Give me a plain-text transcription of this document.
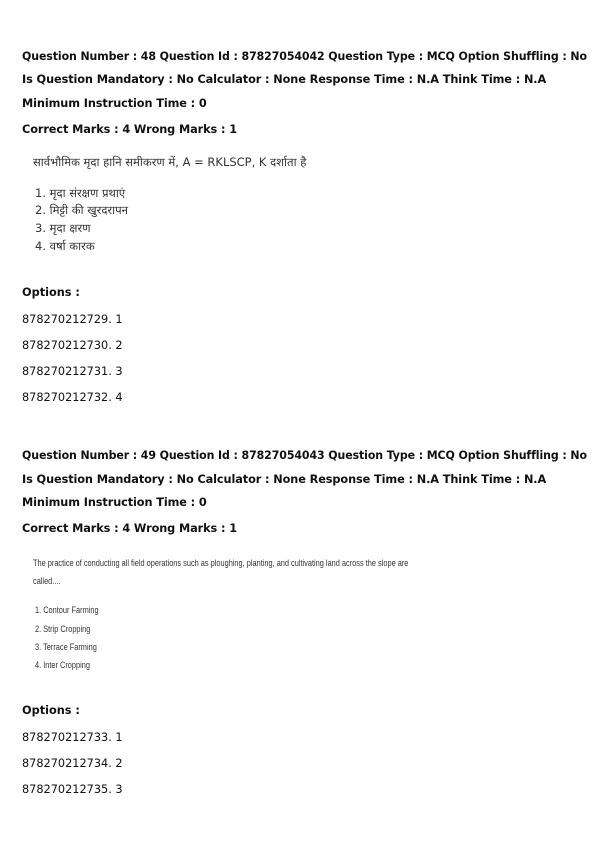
Question Number : 48 Question Id : 87827054042 Question Type : MCQ Option Shuffling : No
Is Question Mandatory : No Calculator : None Response Time : N.A Think Time : N.A
Minimum Instruction Time : 0
Correct Marks : 4 Wrong Marks : 1
सार्वभौमिक मृदा हानि समीकरण में, A = RKLSCP, K दर्शाता है
1. मृदा संरक्षण प्रथाएं
2. मिट्टी की खुरदरापन
3. मृदा क्षरण
4. वर्षा कारक
Options :
878270212729. 1
878270212730. 2
878270212731. 3
878270212732. 4
Question Number : 49 Question Id : 87827054043 Question Type : MCQ Option Shuffling : No
Is Question Mandatory : No Calculator : None Response Time : N.A Think Time : N.A
Minimum Instruction Time : 0
Correct Marks : 4 Wrong Marks : 1
The practice of conducting all field operations such as ploughing, planting, and cultivating land across the slope are
called....
1. Contour Farming
2. Strip Cropping
3. Terrace Farming
4. Inter Cropping
Options :
878270212733. 1
878270212734. 2
878270212735. 3
